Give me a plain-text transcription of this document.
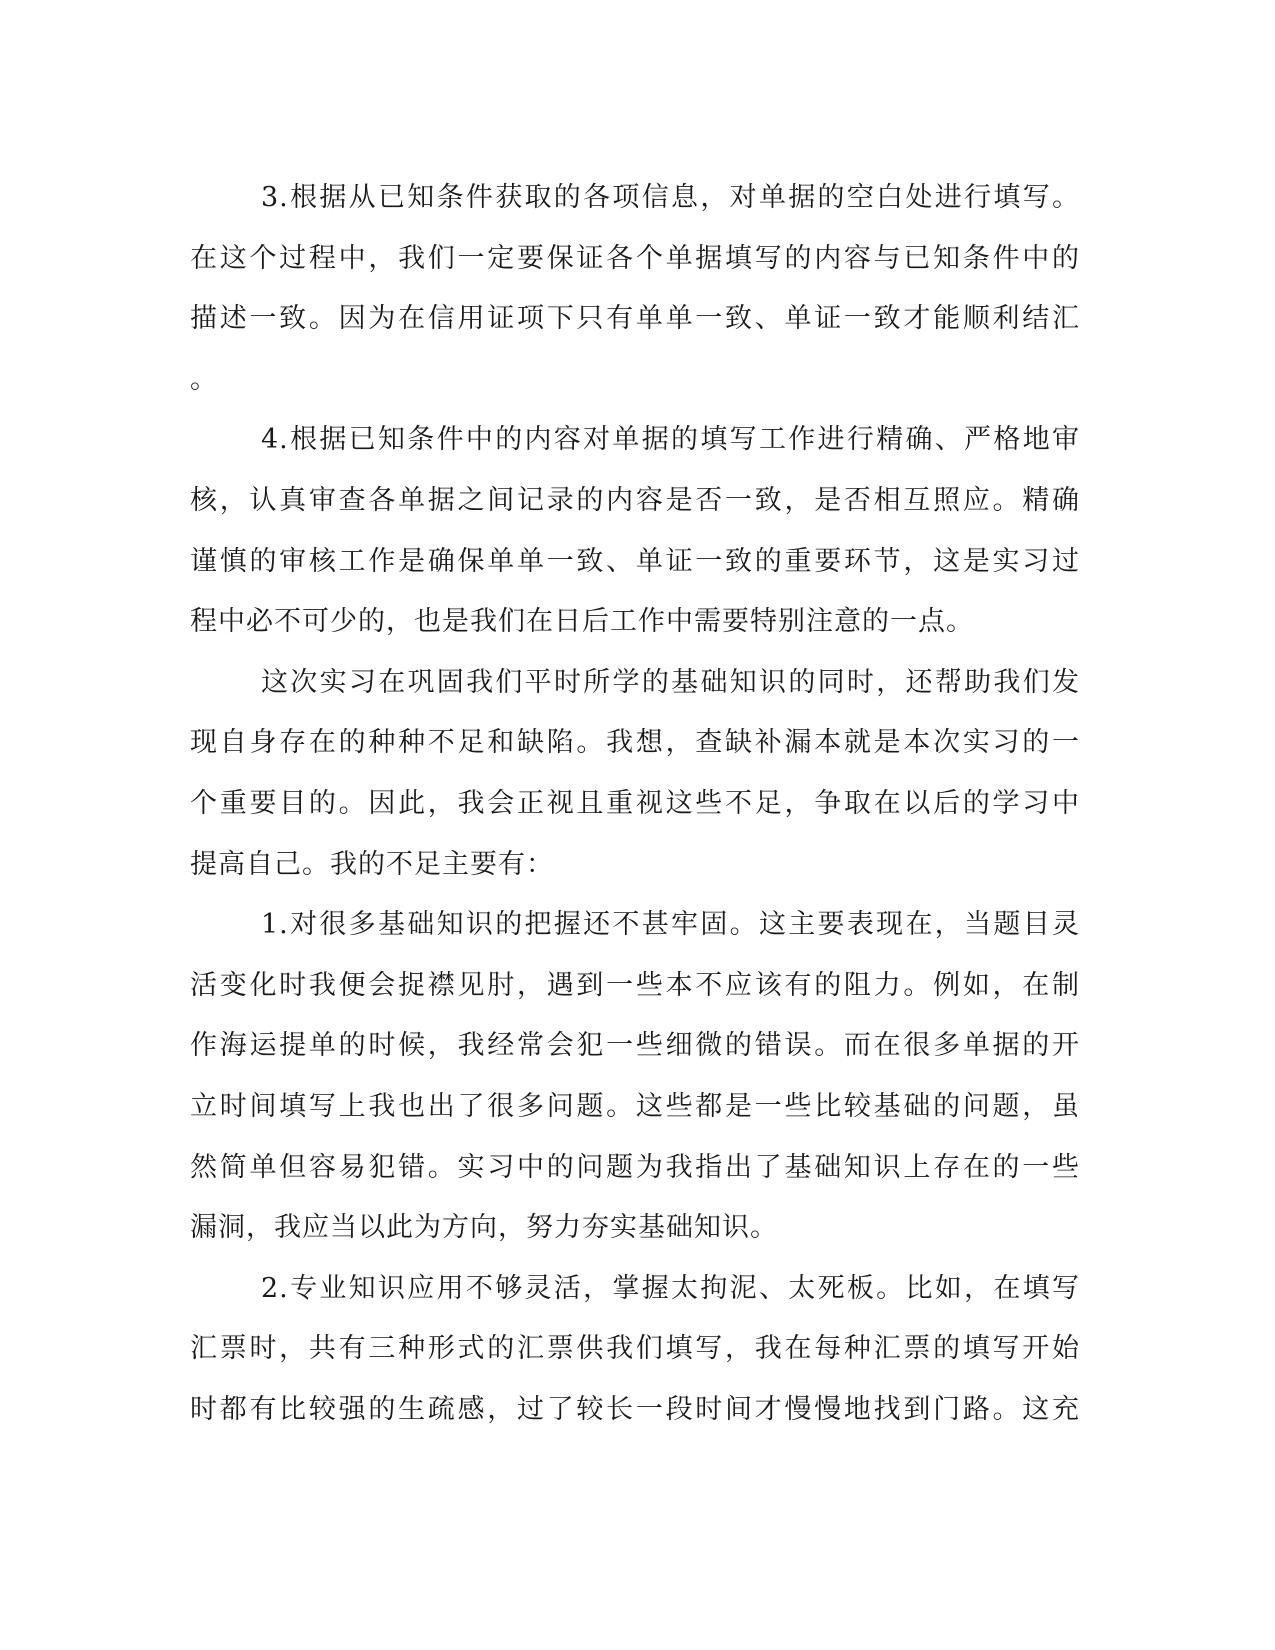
3.根据从已知条件获取的各项信息，对单据的空白处进行填写。
在这个过程中，我们一定要保证各个单据填写的内容与已知条件中的
描述一致。因为在信用证项下只有单单一致、单证一致才能顺利结汇
。
4.根据已知条件中的内容对单据的填写工作进行精确、严格地审
核，认真审查各单据之间记录的内容是否一致，是否相互照应。精确
谨慎的审核工作是确保单单一致、单证一致的重要环节，这是实习过
程中必不可少的，也是我们在日后工作中需要特别注意的一点。
这次实习在巩固我们平时所学的基础知识的同时，还帮助我们发
现自身存在的种种不足和缺陷。我想，查缺补漏本就是本次实习的一
个重要目的。因此，我会正视且重视这些不足，争取在以后的学习中
提高自己。我的不足主要有：
1.对很多基础知识的把握还不甚牢固。这主要表现在，当题目灵
活变化时我便会捉襟见肘，遇到一些本不应该有的阻力。例如，在制
作海运提单的时候，我经常会犯一些细微的错误。而在很多单据的开
立时间填写上我也出了很多问题。这些都是一些比较基础的问题，虽
然简单但容易犯错。实习中的问题为我指出了基础知识上存在的一些
漏洞，我应当以此为方向，努力夯实基础知识。
2.专业知识应用不够灵活，掌握太拘泥、太死板。比如，在填写
汇票时，共有三种形式的汇票供我们填写，我在每种汇票的填写开始
时都有比较强的生疏感，过了较长一段时间才慢慢地找到门路。这充
